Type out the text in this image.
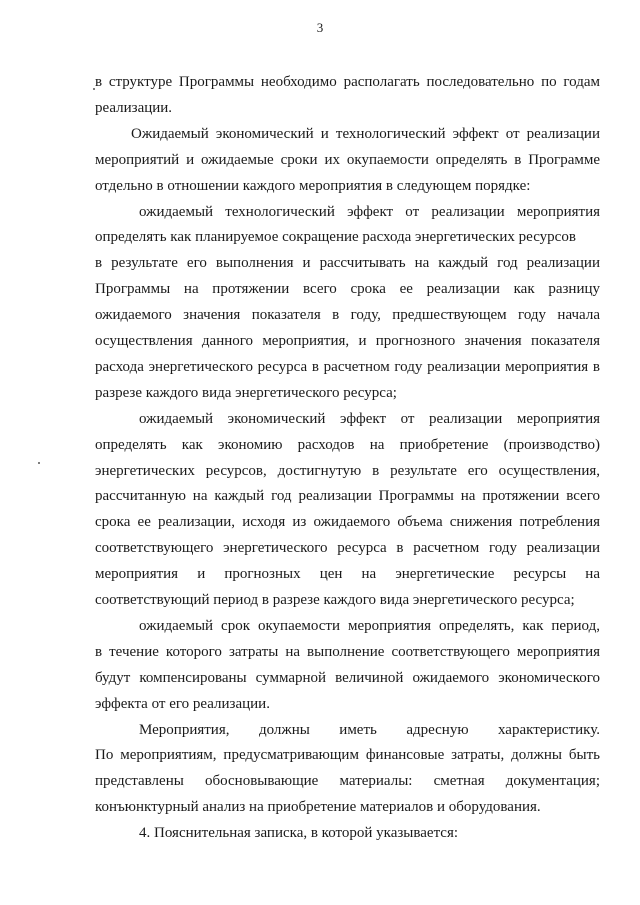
3
в структуре Программы необходимо располагать последовательно по годам
реализации.
Ожидаемый экономический и технологический эффект от реализации
мероприятий и ожидаемые сроки их окупаемости определять в Программе
отдельно в отношении каждого мероприятия в следующем порядке:
ожидаемый технологический эффект от реализации мероприятия
определять как планируемое сокращение расхода энергетических ресурсов
в результате его выполнения и рассчитывать на каждый год реализации
Программы на протяжении всего срока ее реализации как разницу
ожидаемого значения показателя в году, предшествующем году начала
осуществления данного мероприятия, и прогнозного значения показателя
расхода энергетического ресурса в расчетном году реализации мероприятия в
разрезе каждого вида энергетического ресурса;
ожидаемый экономический эффект от реализации мероприятия
определять как экономию расходов на приобретение (производство)
энергетических ресурсов, достигнутую в результате его осуществления,
рассчитанную на каждый год реализации Программы на протяжении всего
срока ее реализации, исходя из ожидаемого объема снижения потребления
соответствующего энергетического ресурса в расчетном году реализации
мероприятия и прогнозных цен на энергетические ресурсы на
соответствующий период в разрезе каждого вида энергетического ресурса;
ожидаемый срок окупаемости мероприятия определять, как период,
в течение которого затраты на выполнение соответствующего мероприятия
будут компенсированы суммарной величиной ожидаемого экономического
эффекта от его реализации.
Мероприятия, должны иметь адресную характеристику.
По мероприятиям, предусматривающим финансовые затраты, должны быть
представлены обосновывающие материалы: сметная документация;
конъюнктурный анализ на приобретение материалов и оборудования.
4. Пояснительная записка, в которой указывается:
